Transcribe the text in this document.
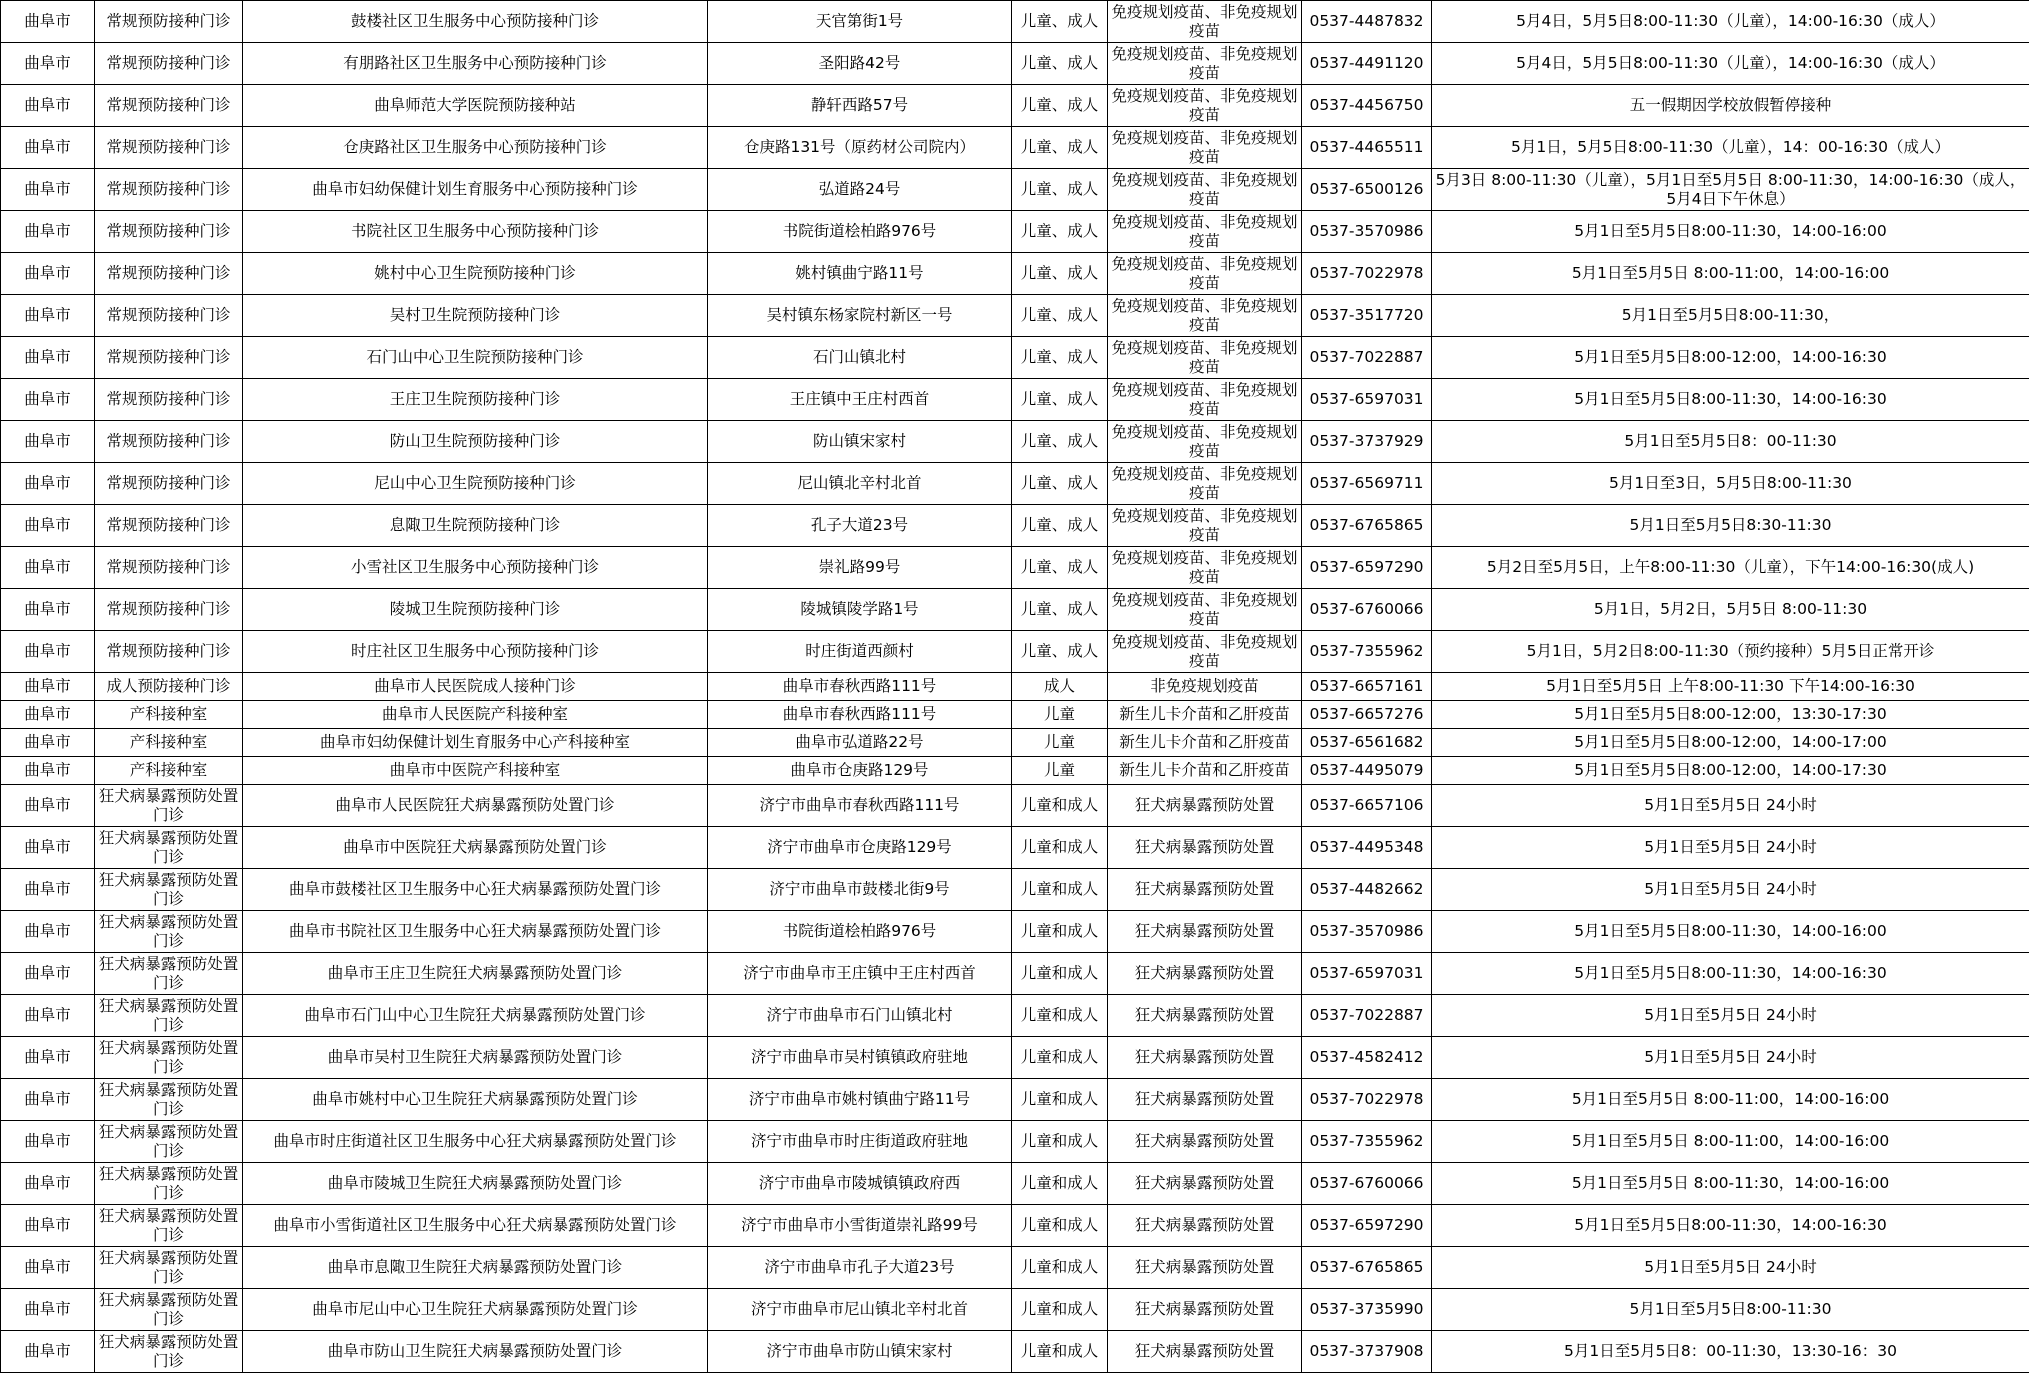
曲阜市	常规预防接种门诊	鼓楼社区卫生服务中心预防接种门诊	天官第街1号	儿童、成人	免疫规划疫苗、非免疫规划疫苗	0537-4487832	5月4日，5月5日8:00-11:30（儿童），14:00-16:30（成人）
曲阜市	常规预防接种门诊	有朋路社区卫生服务中心预防接种门诊	圣阳路42号	儿童、成人	免疫规划疫苗、非免疫规划疫苗	0537-4491120	5月4日，5月5日8:00-11:30（儿童），14:00-16:30（成人）
曲阜市	常规预防接种门诊	曲阜师范大学医院预防接种站	静轩西路57号	儿童、成人	免疫规划疫苗、非免疫规划疫苗	0537-4456750	五一假期因学校放假暂停接种
曲阜市	常规预防接种门诊	仓庚路社区卫生服务中心预防接种门诊	仓庚路131号（原药材公司院内）	儿童、成人	免疫规划疫苗、非免疫规划疫苗	0537-4465511	5月1日，5月5日8:00-11:30（儿童），14：00-16:30（成人）
曲阜市	常规预防接种门诊	曲阜市妇幼保健计划生育服务中心预防接种门诊	弘道路24号	儿童、成人	免疫规划疫苗、非免疫规划疫苗	0537-6500126	5月3日 8:00-11:30（儿童），5月1日至5月5日 8:00-11:30，14:00-16:30（成人，5月4日下午休息）
曲阜市	常规预防接种门诊	书院社区卫生服务中心预防接种门诊	书院街道桧柏路976号	儿童、成人	免疫规划疫苗、非免疫规划疫苗	0537-3570986	5月1日至5月5日8:00-11:30，14:00-16:00
曲阜市	常规预防接种门诊	姚村中心卫生院预防接种门诊	姚村镇曲宁路11号	儿童、成人	免疫规划疫苗、非免疫规划疫苗	0537-7022978	5月1日至5月5日 8:00-11:00，14:00-16:00
曲阜市	常规预防接种门诊	吴村卫生院预防接种门诊	吴村镇东杨家院村新区一号	儿童、成人	免疫规划疫苗、非免疫规划疫苗	0537-3517720	5月1日至5月5日8:00-11:30，
曲阜市	常规预防接种门诊	石门山中心卫生院预防接种门诊	石门山镇北村	儿童、成人	免疫规划疫苗、非免疫规划疫苗	0537-7022887	5月1日至5月5日8:00-12:00，14:00-16:30
曲阜市	常规预防接种门诊	王庄卫生院预防接种门诊	王庄镇中王庄村西首	儿童、成人	免疫规划疫苗、非免疫规划疫苗	0537-6597031	5月1日至5月5日8:00-11:30，14:00-16:30
曲阜市	常规预防接种门诊	防山卫生院预防接种门诊	防山镇宋家村	儿童、成人	免疫规划疫苗、非免疫规划疫苗	0537-3737929	5月1日至5月5日8：00-11:30
曲阜市	常规预防接种门诊	尼山中心卫生院预防接种门诊	尼山镇北辛村北首	儿童、成人	免疫规划疫苗、非免疫规划疫苗	0537-6569711	5月1日至3日，5月5日8:00-11:30
曲阜市	常规预防接种门诊	息陬卫生院预防接种门诊	孔子大道23号	儿童、成人	免疫规划疫苗、非免疫规划疫苗	0537-6765865	5月1日至5月5日8:30-11:30
曲阜市	常规预防接种门诊	小雪社区卫生服务中心预防接种门诊	崇礼路99号	儿童、成人	免疫规划疫苗、非免疫规划疫苗	0537-6597290	5月2日至5月5日，上午8:00-11:30（儿童），下午14:00-16:30(成人)
曲阜市	常规预防接种门诊	陵城卫生院预防接种门诊	陵城镇陵学路1号	儿童、成人	免疫规划疫苗、非免疫规划疫苗	0537-6760066	5月1日，5月2日，5月5日 8:00-11:30
曲阜市	常规预防接种门诊	时庄社区卫生服务中心预防接种门诊	时庄街道西颜村	儿童、成人	免疫规划疫苗、非免疫规划疫苗	0537-7355962	5月1日，5月2日8:00-11:30（预约接种）5月5日正常开诊
曲阜市	成人预防接种门诊	曲阜市人民医院成人接种门诊	曲阜市春秋西路111号	成人	非免疫规划疫苗	0537-6657161	5月1日至5月5日 上午8:00-11:30 下午14:00-16:30
曲阜市	产科接种室	曲阜市人民医院产科接种室	曲阜市春秋西路111号	儿童	新生儿卡介苗和乙肝疫苗	0537-6657276	5月1日至5月5日8:00-12:00，13:30-17:30
曲阜市	产科接种室	曲阜市妇幼保健计划生育服务中心产科接种室	曲阜市弘道路22号	儿童	新生儿卡介苗和乙肝疫苗	0537-6561682	5月1日至5月5日8:00-12:00，14:00-17:00
曲阜市	产科接种室	曲阜市中医院产科接种室	曲阜市仓庚路129号	儿童	新生儿卡介苗和乙肝疫苗	0537-4495079	5月1日至5月5日8:00-12:00，14:00-17:30
曲阜市	狂犬病暴露预防处置门诊	曲阜市人民医院狂犬病暴露预防处置门诊	济宁市曲阜市春秋西路111号	儿童和成人	狂犬病暴露预防处置	0537-6657106	5月1日至5月5日 24小时
曲阜市	狂犬病暴露预防处置门诊	曲阜市中医院狂犬病暴露预防处置门诊	济宁市曲阜市仓庚路129号	儿童和成人	狂犬病暴露预防处置	0537-4495348	5月1日至5月5日 24小时
曲阜市	狂犬病暴露预防处置门诊	曲阜市鼓楼社区卫生服务中心狂犬病暴露预防处置门诊	济宁市曲阜市鼓楼北街9号	儿童和成人	狂犬病暴露预防处置	0537-4482662	5月1日至5月5日 24小时
曲阜市	狂犬病暴露预防处置门诊	曲阜市书院社区卫生服务中心狂犬病暴露预防处置门诊	书院街道桧柏路976号	儿童和成人	狂犬病暴露预防处置	0537-3570986	5月1日至5月5日8:00-11:30，14:00-16:00
曲阜市	狂犬病暴露预防处置门诊	曲阜市王庄卫生院狂犬病暴露预防处置门诊	济宁市曲阜市王庄镇中王庄村西首	儿童和成人	狂犬病暴露预防处置	0537-6597031	5月1日至5月5日8:00-11:30，14:00-16:30
曲阜市	狂犬病暴露预防处置门诊	曲阜市石门山中心卫生院狂犬病暴露预防处置门诊	济宁市曲阜市石门山镇北村	儿童和成人	狂犬病暴露预防处置	0537-7022887	5月1日至5月5日 24小时
曲阜市	狂犬病暴露预防处置门诊	曲阜市吴村卫生院狂犬病暴露预防处置门诊	济宁市曲阜市吴村镇镇政府驻地	儿童和成人	狂犬病暴露预防处置	0537-4582412	5月1日至5月5日 24小时
曲阜市	狂犬病暴露预防处置门诊	曲阜市姚村中心卫生院狂犬病暴露预防处置门诊	济宁市曲阜市姚村镇曲宁路11号	儿童和成人	狂犬病暴露预防处置	0537-7022978	5月1日至5月5日 8:00-11:00，14:00-16:00
曲阜市	狂犬病暴露预防处置门诊	曲阜市时庄街道社区卫生服务中心狂犬病暴露预防处置门诊	济宁市曲阜市时庄街道政府驻地	儿童和成人	狂犬病暴露预防处置	0537-7355962	5月1日至5月5日 8:00-11:00，14:00-16:00
曲阜市	狂犬病暴露预防处置门诊	曲阜市陵城卫生院狂犬病暴露预防处置门诊	济宁市曲阜市陵城镇镇政府西	儿童和成人	狂犬病暴露预防处置	0537-6760066	5月1日至5月5日 8:00-11:30，14:00-16:00
曲阜市	狂犬病暴露预防处置门诊	曲阜市小雪街道社区卫生服务中心狂犬病暴露预防处置门诊	济宁市曲阜市小雪街道崇礼路99号	儿童和成人	狂犬病暴露预防处置	0537-6597290	5月1日至5月5日8:00-11:30，14:00-16:30
曲阜市	狂犬病暴露预防处置门诊	曲阜市息陬卫生院狂犬病暴露预防处置门诊	济宁市曲阜市孔子大道23号	儿童和成人	狂犬病暴露预防处置	0537-6765865	5月1日至5月5日 24小时
曲阜市	狂犬病暴露预防处置门诊	曲阜市尼山中心卫生院狂犬病暴露预防处置门诊	济宁市曲阜市尼山镇北辛村北首	儿童和成人	狂犬病暴露预防处置	0537-3735990	5月1日至5月5日8:00-11:30
曲阜市	狂犬病暴露预防处置门诊	曲阜市防山卫生院狂犬病暴露预防处置门诊	济宁市曲阜市防山镇宋家村	儿童和成人	狂犬病暴露预防处置	0537-3737908	5月1日至5月5日8：00-11:30，13:30-16：30
